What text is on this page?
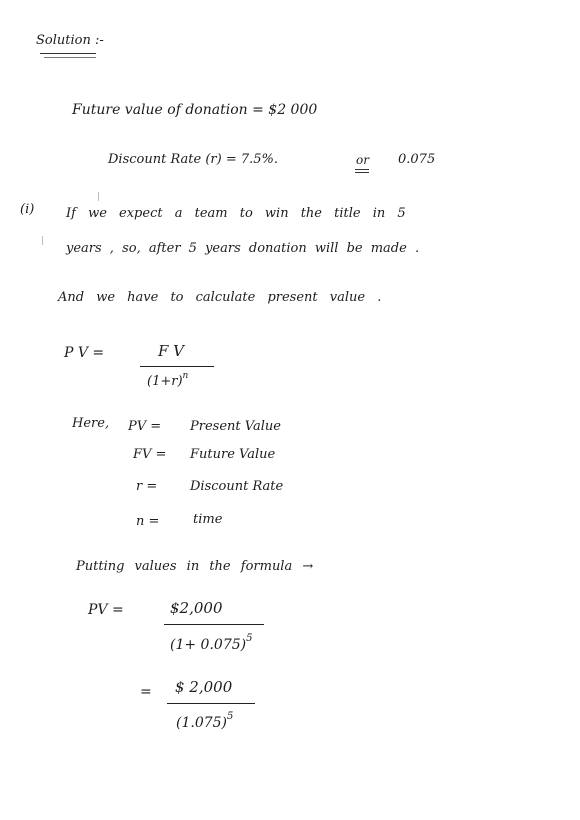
Solution :-
Future value of donation = $2 000
Discount Rate (r) = 7.5%.	or 0.075
(i) If we expect a team to win the title in 5
years , so, after 5 years donation will be made .
And we have to calculate present value .
P V =	F V
$(1+r)^n$
Here, PV = Present Value
FV = Future Value
r =	Discount Rate
n =	time
Putting values in the formula →
PV =	$2,000
$(1+ 0.075)^5$
= $ 2,000
$(1.075)^5$
